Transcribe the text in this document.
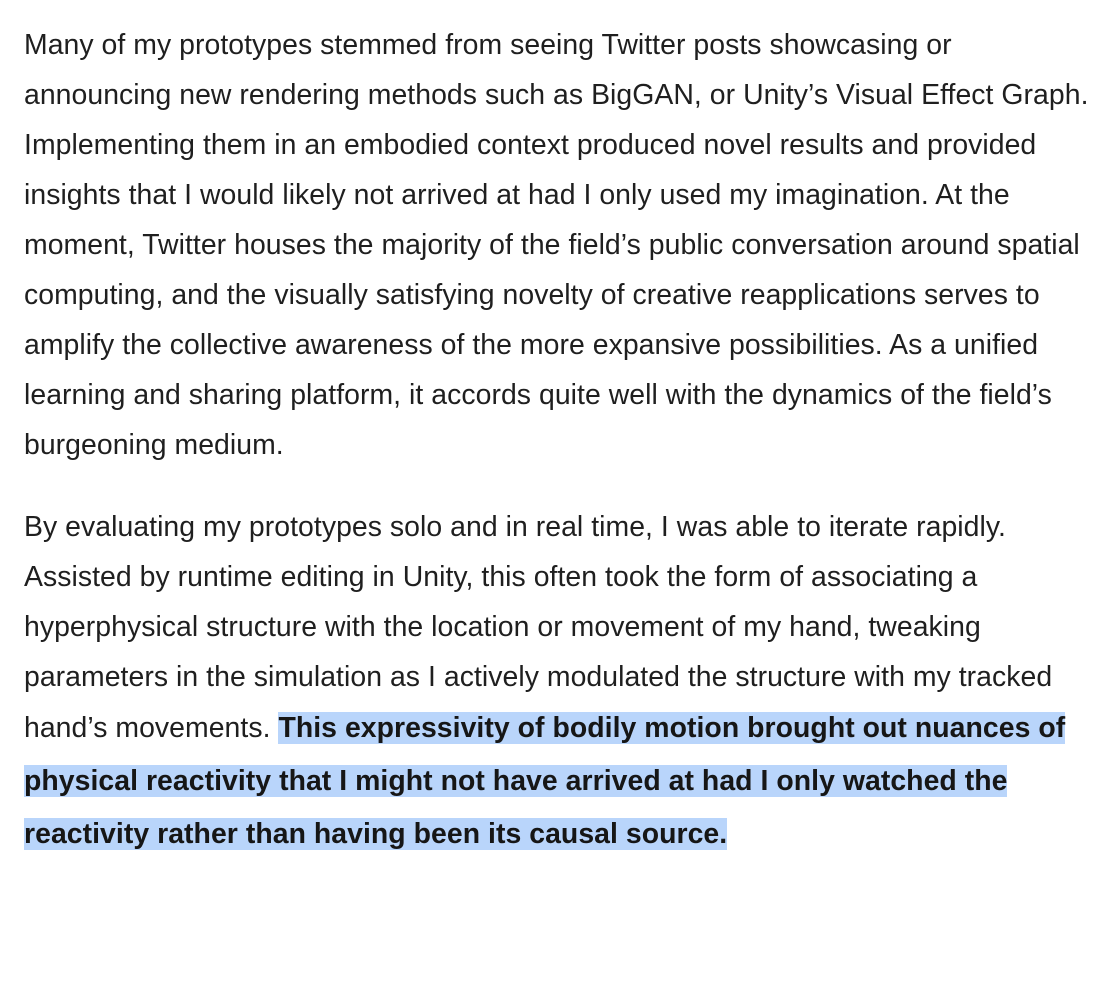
Many of my prototypes stemmed from seeing Twitter posts showcasing or announcing new rendering methods such as BigGAN, or Unity’s Visual Effect Graph. Implementing them in an embodied context produced novel results and provided insights that I would likely not arrived at had I only used my imagination. At the moment, Twitter houses the majority of the field’s public conversation around spatial computing, and the visually satisfying novelty of creative reapplications serves to amplify the collective awareness of the more expansive possibilities. As a unified learning and sharing platform, it accords quite well with the dynamics of the field’s burgeoning medium.

By evaluating my prototypes solo and in real time, I was able to iterate rapidly. Assisted by runtime editing in Unity, this often took the form of associating a hyperphysical structure with the location or movement of my hand, tweaking parameters in the simulation as I actively modulated the structure with my tracked hand’s movements. This expressivity of bodily motion brought out nuances of physical reactivity that I might not have arrived at had I only watched the reactivity rather than having been its causal source.
